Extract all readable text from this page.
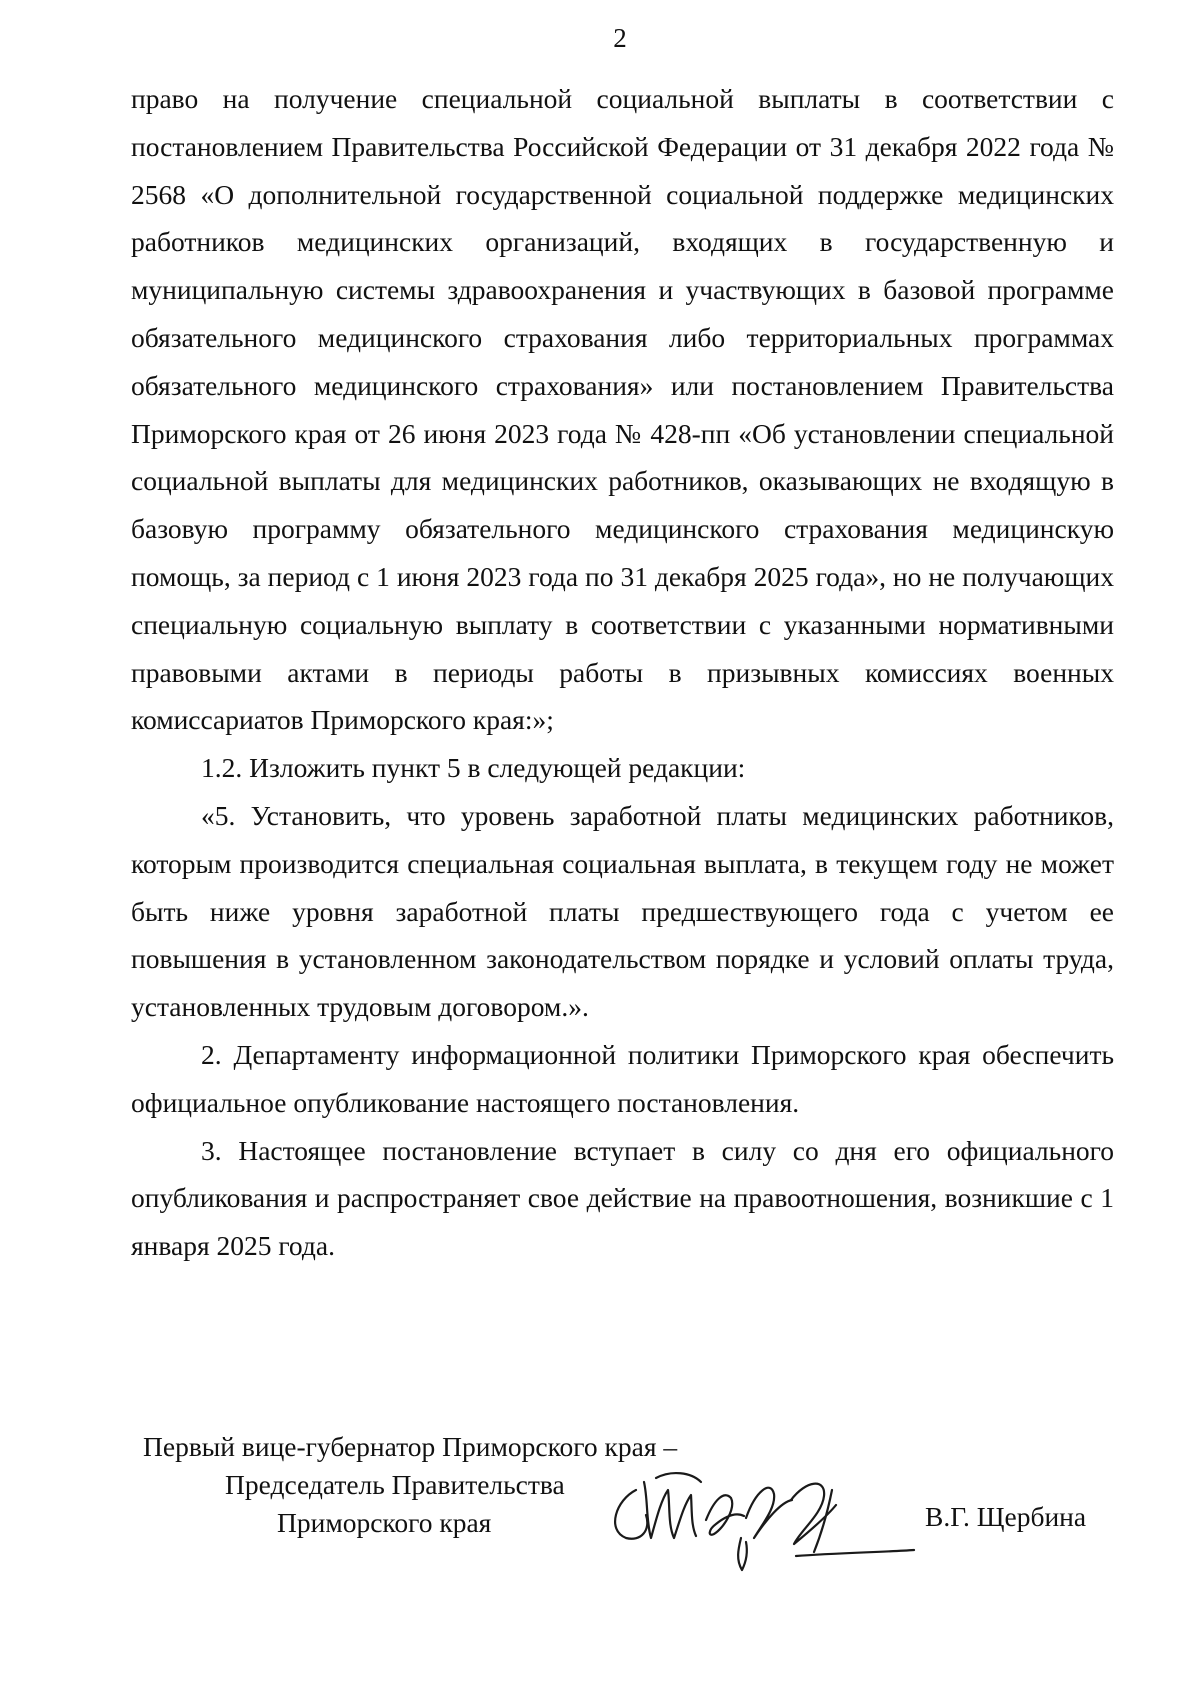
2

право на получение специальной социальной выплаты в соответствии с постановлением Правительства Российской Федерации от 31 декабря 2022 года № 2568 «О дополнительной государственной социальной поддержке медицинских работников медицинских организаций, входящих в государственную и муниципальную системы здравоохранения и участвующих в базовой программе обязательного медицинского страхования либо территориальных программах обязательного медицинского страхования» или постановлением Правительства Приморского края от 26 июня 2023 года № 428-пп «Об установлении специальной социальной выплаты для медицинских работников, оказывающих не входящую в базовую программу обязательного медицинского страхования медицинскую помощь, за период с 1 июня 2023 года по 31 декабря 2025 года», но не получающих специальную социальную выплату в соответствии с указанными нормативными правовыми актами в периоды работы в призывных комиссиях военных комиссариатов Приморского края:»;

1.2. Изложить пункт 5 в следующей редакции:

«5. Установить, что уровень заработной платы медицинских работников, которым производится специальная социальная выплата, в текущем году не может быть ниже уровня заработной платы предшествующего года с учетом ее повышения в установленном законодательством порядке и условий оплаты труда, установленных трудовым договором.».

2. Департаменту информационной политики Приморского края обеспечить официальное опубликование настоящего постановления.

3. Настоящее постановление вступает в силу со дня его официального опубликования и распространяет свое действие на правоотношения, возникшие с 1 января 2025 года.

Первый вице-губернатор Приморского края –
Председатель Правительства
Приморского края	В.Г. Щербина
